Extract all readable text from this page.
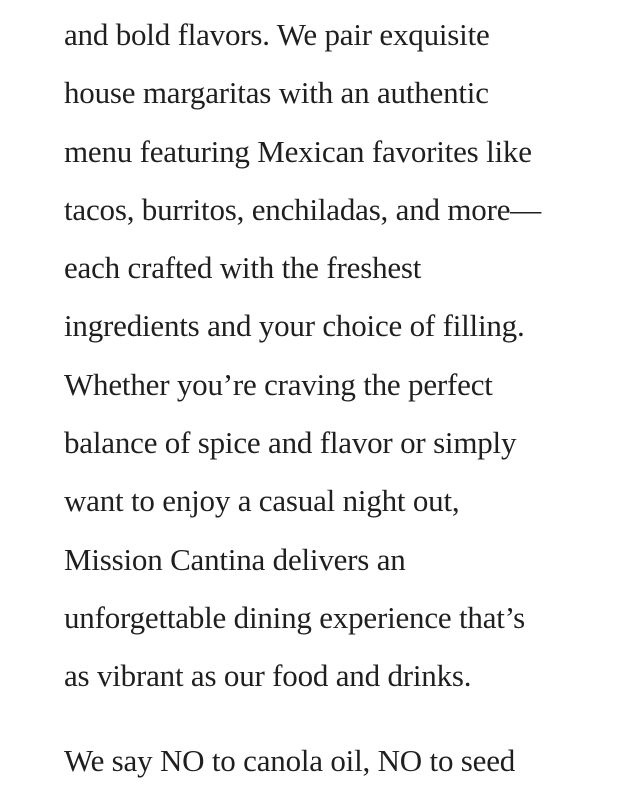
and bold flavors. We pair exquisite
house margaritas with an authentic
menu featuring Mexican favorites like
tacos, burritos, enchiladas, and more—
each crafted with the freshest
ingredients and your choice of filling.
Whether you’re craving the perfect
balance of spice and flavor or simply
want to enjoy a casual night out,
Mission Cantina delivers an
unforgettable dining experience that’s
as vibrant as our food and drinks.

We say NO to canola oil, NO to seed
